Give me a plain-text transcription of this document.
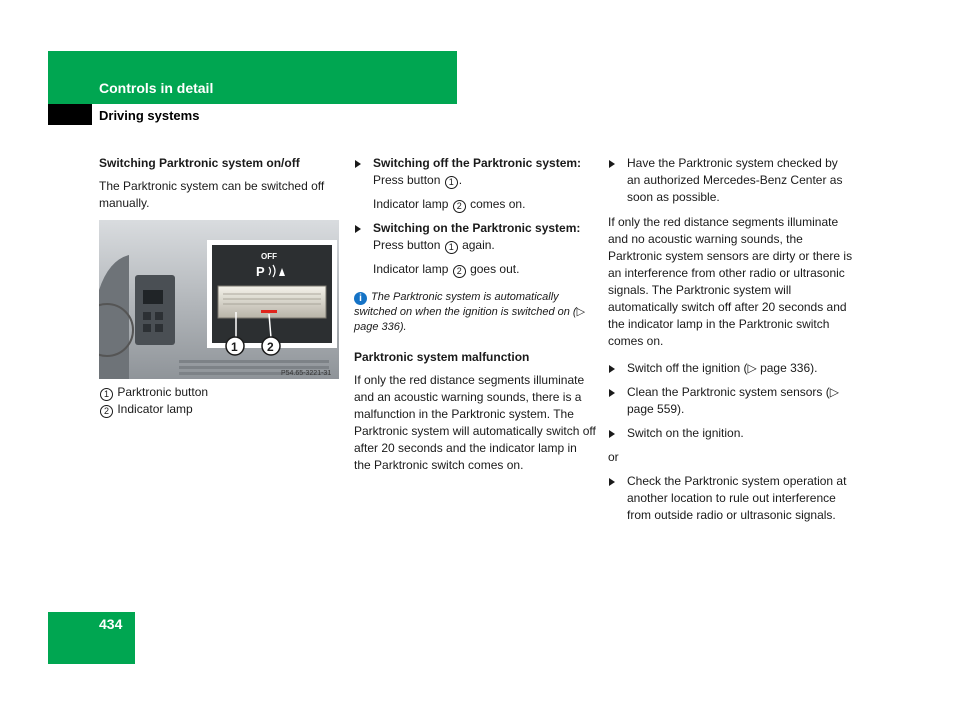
Controls in detail
Driving systems
Switching Parktronic system on/off

The Parktronic system can be switched off manually.

OFF
P
1 2
P54.65-3221-31
1 Parktronic button
2 Indicator lamp
Switching off the Parktronic system: Press button 1 .
Indicator lamp 2 comes on.
Switching on the Parktronic system: Press button 1 again.
Indicator lamp 2 goes out.
i The Parktronic system is automatically switched on when the ignition is switched on (▷ page 336).
Parktronic system malfunction

If only the red distance segments illuminate and an acoustic warning sounds, there is a malfunction in the Parktronic system. The Parktronic system will automatically switch off after 20 seconds and the indicator lamp in the Parktronic switch comes on.

Have the Parktronic system checked by an authorized Mercedes-Benz Center as soon as possible.

If only the red distance segments illuminate and no acoustic warning sounds, the Parktronic system sensors are dirty or there is an interference from other radio or ultrasonic signals. The Parktronic system will automatically switch off after 20 seconds and the indicator lamp in the Parktronic switch comes on.

Switch off the ignition (▷ page 336).
Clean the Parktronic system sensors (▷ page 559).
Switch on the ignition.

or

Check the Parktronic system operation at another location to rule out interference from outside radio or ultrasonic signals.
434
